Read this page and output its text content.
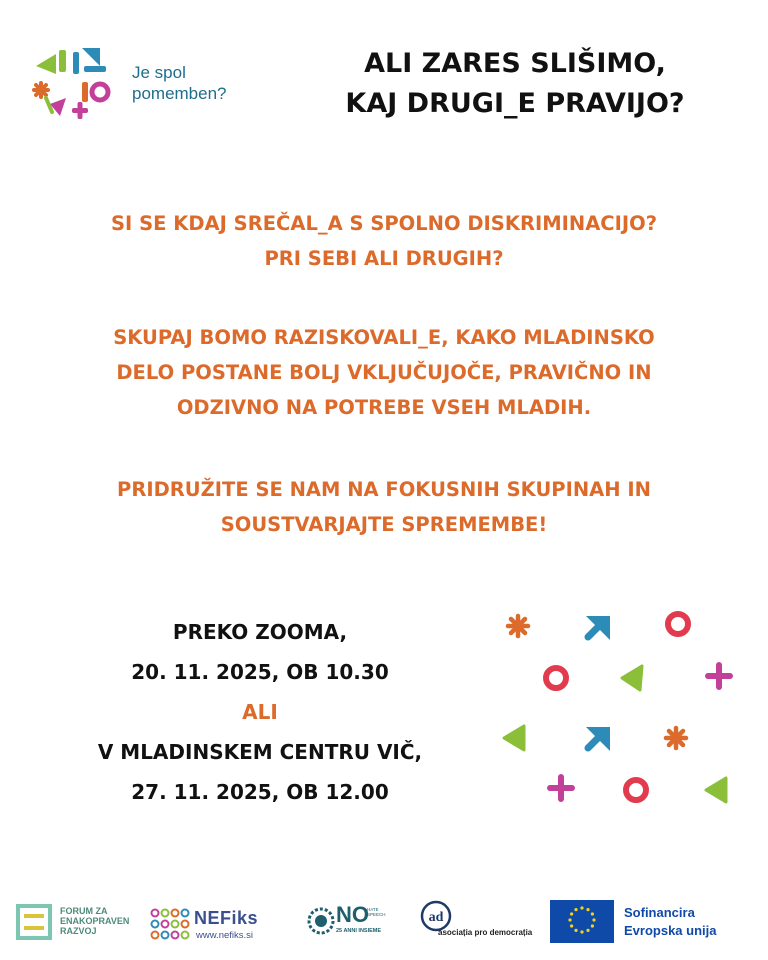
Je spol
pomemben?
ALI ZARES SLIŠIMO,
KAJ DRUGI_E PRAVIJO?
SI SE KDAJ SREČAL_A S SPOLNO DISKRIMINACIJO?
PRI SEBI ALI DRUGIH?
SKUPAJ BOMO RAZISKOVALI_E, KAKO MLADINSKO
DELO POSTANE BOLJ VKLJUČUJOČE, PRAVIČNO IN
ODZIVNO NA POTREBE VSEH MLADIH.
PRIDRUŽITE SE NAM NA FOKUSNIH SKUPINAH IN
SOUSTVARJAJTE SPREMEMBE!
PREKO ZOOMA,
20. 11. 2025, OB 10.30
ALI
V MLADINSKEM CENTRU VIČ,
27. 11. 2025, OB 12.00
FORUM ZA
ENAKOPRAVEN
RAZVOJ
NEFiks
www.nefiks.si
NO
HATE
SPEECH
25 ANNI INSIEME
ad
asociația pro democrația
Sofinancira
Evropska unija
